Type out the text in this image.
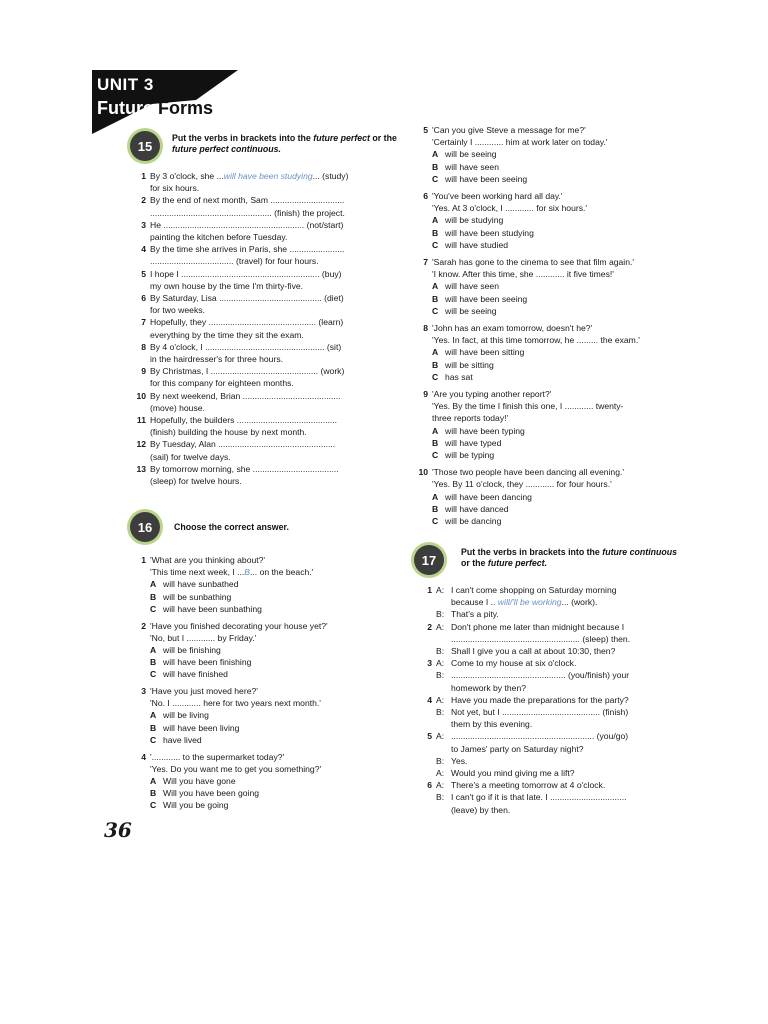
UNIT 3
Future Forms
15
Put the verbs in brackets into the future perfect or the future perfect continuous.
1 By 3 o'clock, she ...will have been studying... (study)

for six hours.

2 By the end of next month, Sam ...............................

................................................... (finish) the project.

3 He ........................................................... (not/start)

painting the kitchen before Tuesday.

4 By the time she arrives in Paris, she .......................

................................... (travel) for four hours.

5 I hope I .......................................................... (buy)

my own house by the time I'm thirty-five.

6 By Saturday, Lisa ........................................... (diet)

for two weeks.

7 Hopefully, they ............................................. (learn)

everything by the time they sit the exam.

8 By 4 o'clock, I .................................................. (sit)

in the hairdresser's for three hours.

9 By Christmas, I ............................................. (work)

for this company for eighteen months.

10 By next weekend, Brian .........................................

(move) house.

11 Hopefully, the builders ..........................................

(finish) building the house by next month.

12 By Tuesday, Alan .................................................

(sail) for twelve days.

13 By tomorrow morning, she ....................................

(sleep) for twelve hours.

16	Choose the correct answer.
1 'What are you thinking about?'

'This time next week, I ...B... on the beach.'

A will have sunbathed
B will be sunbathing
C will have been sunbathing
2 'Have you finished decorating your house yet?'

'No, but I ............ by Friday.'

A will be finishing
B will have been finishing
C will have finished
3 'Have you just moved here?'

'No. I ............ here for two years next month.'

A will be living
B will have been living
C have lived
4 '............ to the supermarket today?'

'Yes. Do you want me to get you something?'

A Will you have gone
B Will you have been going
C Will you be going
5 'Can you give Steve a message for me?'

'Certainly I ............ him at work later on today.'

A will be seeing
B will have seen
C will have been seeing
6 'You've been working hard all day.'

'Yes. At 3 o'clock, I ............ for six hours.'

A will be studying
B will have been studying
C will have studied
7 'Sarah has gone to the cinema to see that film again.'

'I know. After this time, she ............ it five times!'

A will have seen
B will have been seeing
C will be seeing
8 'John has an exam tomorrow, doesn't he?'

'Yes. In fact, at this time tomorrow, he ......... the exam.'

A will have been sitting
B will be sitting
C has sat
9 'Are you typing another report?'

'Yes. By the time I finish this one, I ............ twenty-

three reports today!'

A will have been typing
B will have typed
C will be typing
10 'Those two people have been dancing all evening.'

'Yes. By 11 o'clock, they ............ for four hours.'

A will have been dancing
B will have danced
C will be dancing
17
Put the verbs in brackets into the future continuous or the future perfect.
1 A: I can't come shopping on Saturday morning
because I .. will/'ll be working... (work).
B: That's a pity.
2 A: Don't phone me later than midnight because I
...................................................... (sleep) then.
B: Shall I give you a call at about 10:30, then?
3 A: Come to my house at six o'clock.
B: ................................................ (you/finish) your
homework by then?
4 A: Have you made the preparations for the party?
B: Not yet, but I ......................................... (finish)
them by this evening.
5 A: ............................................................ (you/go)
to James' party on Saturday night?
B: Yes.
A: Would you mind giving me a lift?
6 A: There's a meeting tomorrow at 4 o'clock.
B: I can't go if it is that late. I ................................
(leave) by then.
36
